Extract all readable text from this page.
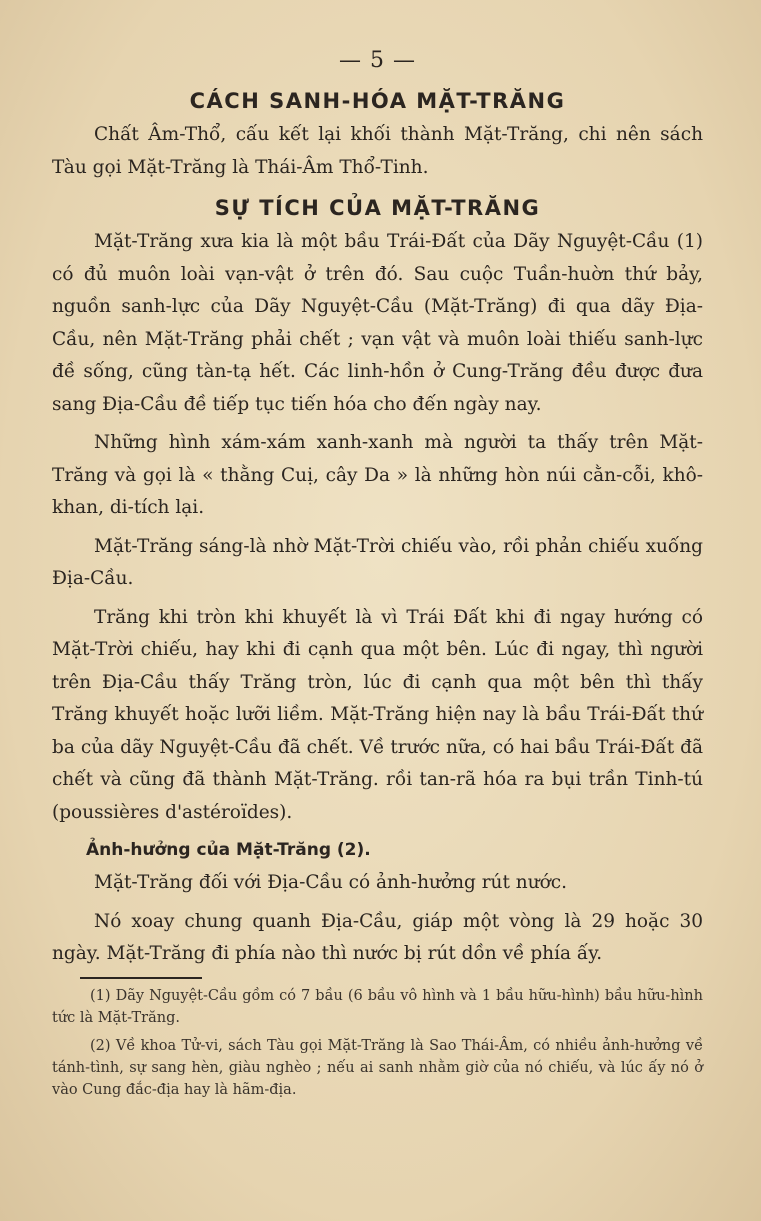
— 5 —
CÁCH SANH-HÓA MẶT-TRĂNG

Chất Âm-Thổ, cấu kết lại khối thành Mặt-Trăng, chi nên sách Tàu gọi Mặt-Trăng là Thái-Âm Thổ-Tinh.

SỰ TÍCH CỦA MẶT-TRĂNG

Mặt-Trăng xưa kia là một bầu Trái-Đất của Dãy Nguyệt-Cầu (1) có đủ muôn loài vạn-vật ở trên đó. Sau cuộc Tuần-huờn thứ bảy, nguồn sanh-lực của Dãy Nguyệt-Cầu (Mặt-Trăng) đi qua dãy Địa-Cầu, nên Mặt-Trăng phải chết ; vạn vật và muôn loài thiếu sanh-lực đề sống, cũng tàn-tạ hết. Các linh-hồn ở Cung-Trăng đều được đưa sang Địa-Cầu đề tiếp tục tiến hóa cho đến ngày nay.

Những hình xám-xám xanh-xanh mà người ta thấy trên Mặt-Trăng và gọi là « thằng Cuị, cây Da » là những hòn núi cằn-cỗi, khô-khan, di-tích lại.

Mặt-Trăng sáng-là nhờ Mặt-Trời chiếu vào, rồi phản chiếu xuống Địa-Cầu.

Trăng khi tròn khi khuyết là vì Trái Đất khi đi ngay hướng có Mặt-Trời chiếu, hay khi đi cạnh qua một bên. Lúc đi ngay, thì người trên Địa-Cầu thấy Trăng tròn, lúc đi cạnh qua một bên thì thấy Trăng khuyết hoặc lưỡi liềm. Mặt-Trăng hiện nay là bầu Trái-Đất thứ ba của dãy Nguyệt-Cầu đã chết. Về trước nữa, có hai bầu Trái-Đất đã chết và cũng đã thành Mặt-Trăng. rồi tan-rã hóa ra bụi trần Tinh-tú (poussières d'astéroïdes).

Ảnh-hưởng của Mặt-Trăng (2).

Mặt-Trăng đối với Địa-Cầu có ảnh-hưởng rút nước.

Nó xoay chung quanh Địa-Cầu, giáp một vòng là 29 hoặc 30 ngày. Mặt-Trăng đi phía nào thì nước bị rút dồn về phía ấy.

(1) Dãy Nguyệt-Cầu gồm có 7 bầu (6 bầu vô hình và 1 bầu hữu-hình) bầu hữu-hình tức là Mặt-Trăng.

(2) Về khoa Tử-vi, sách Tàu gọi Mặt-Trăng là Sao Thái-Âm, có nhiều ảnh-hưởng về tánh-tình, sự sang hèn, giàu nghèo ; nếu ai sanh nhằm giờ của nó chiếu, và lúc ấy nó ở vào Cung đắc-địa hay là hãm-địa.
